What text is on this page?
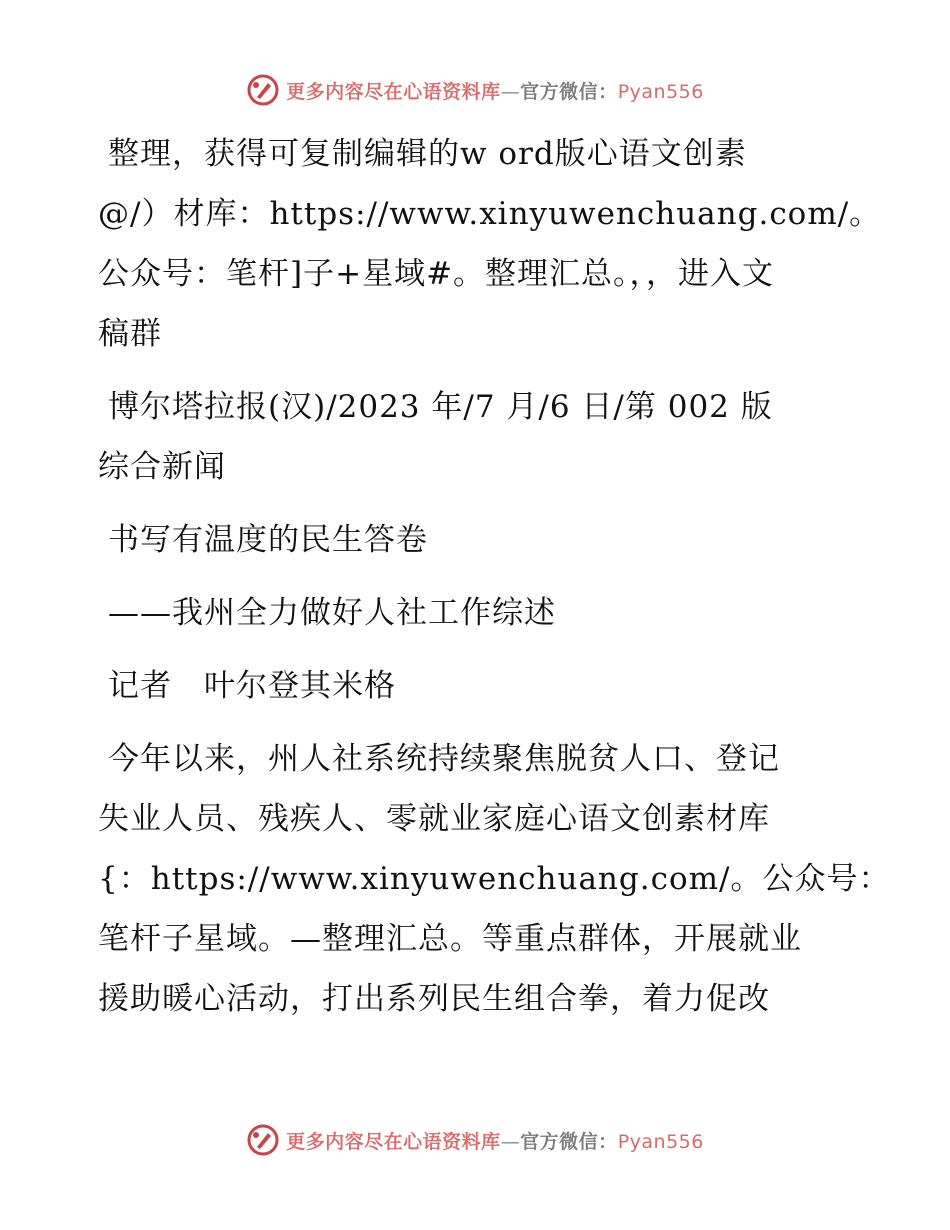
更多内容尽在心语资料库—官方微信：Pyan556

整理，获得可复制编辑的w ord版心语文创素
@/）材库：https://www.xinyuwenchuang.com/。
公众号：笔杆]子+星域#。整理汇总。，，进入文
稿群

博尔塔拉报(汉)/2023 年/7 月/6 日/第 002 版
综合新闻

书写有温度的民生答卷

——我州全力做好人社工作综述

记者　叶尔登其米格

今年以来，州人社系统持续聚焦脱贫人口、登记
失业人员、残疾人、零就业家庭心语文创素材库
{：https://www.xinyuwenchuang.com/。公众号：
笔杆子星域。—整理汇总。等重点群体，开展就业
援助暖心活动，打出系列民生组合拳，着力促改

更多内容尽在心语资料库—官方微信：Pyan556
